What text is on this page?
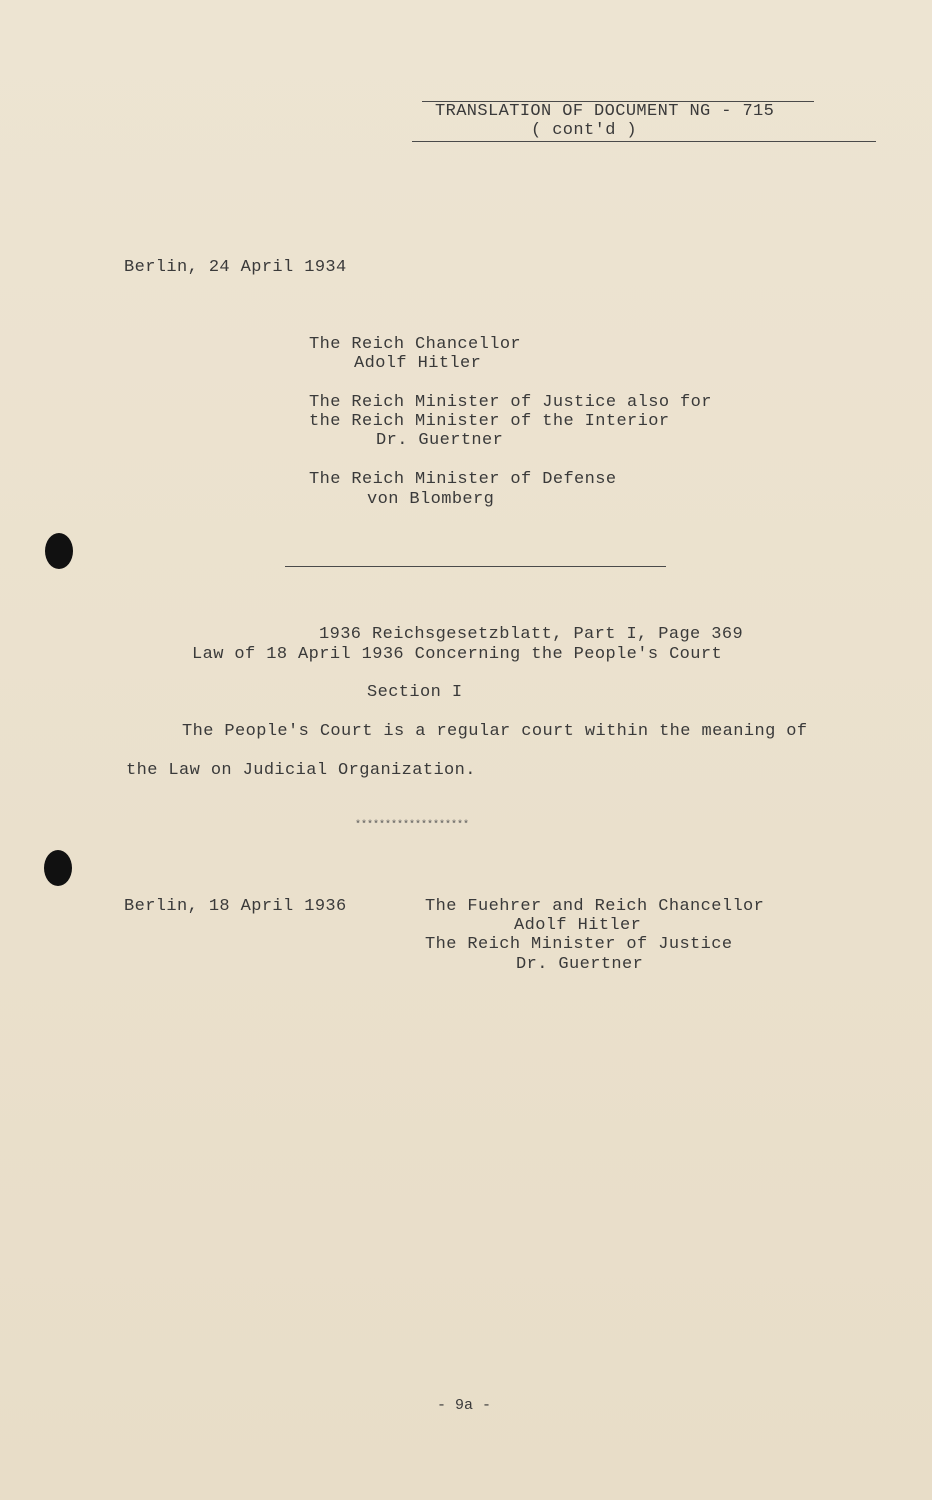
TRANSLATION OF DOCUMENT NG - 715
( cont'd )
Berlin, 24 April 1934
The Reich Chancellor
Adolf Hitler
The Reich Minister of Justice also for
the Reich Minister of the Interior
Dr. Guertner
The Reich Minister of Defense
von Blomberg
1936 Reichsgesetzblatt, Part I, Page 369
Law of 18 April 1936 Concerning the People's Court
Section I
The People's Court is a regular court within the meaning of
the Law on Judicial Organization.
*******************
Berlin, 18 April 1936	The Fuehrer and Reich Chancellor
Adolf Hitler
The Reich Minister of Justice
Dr. Guertner
- 9a -
